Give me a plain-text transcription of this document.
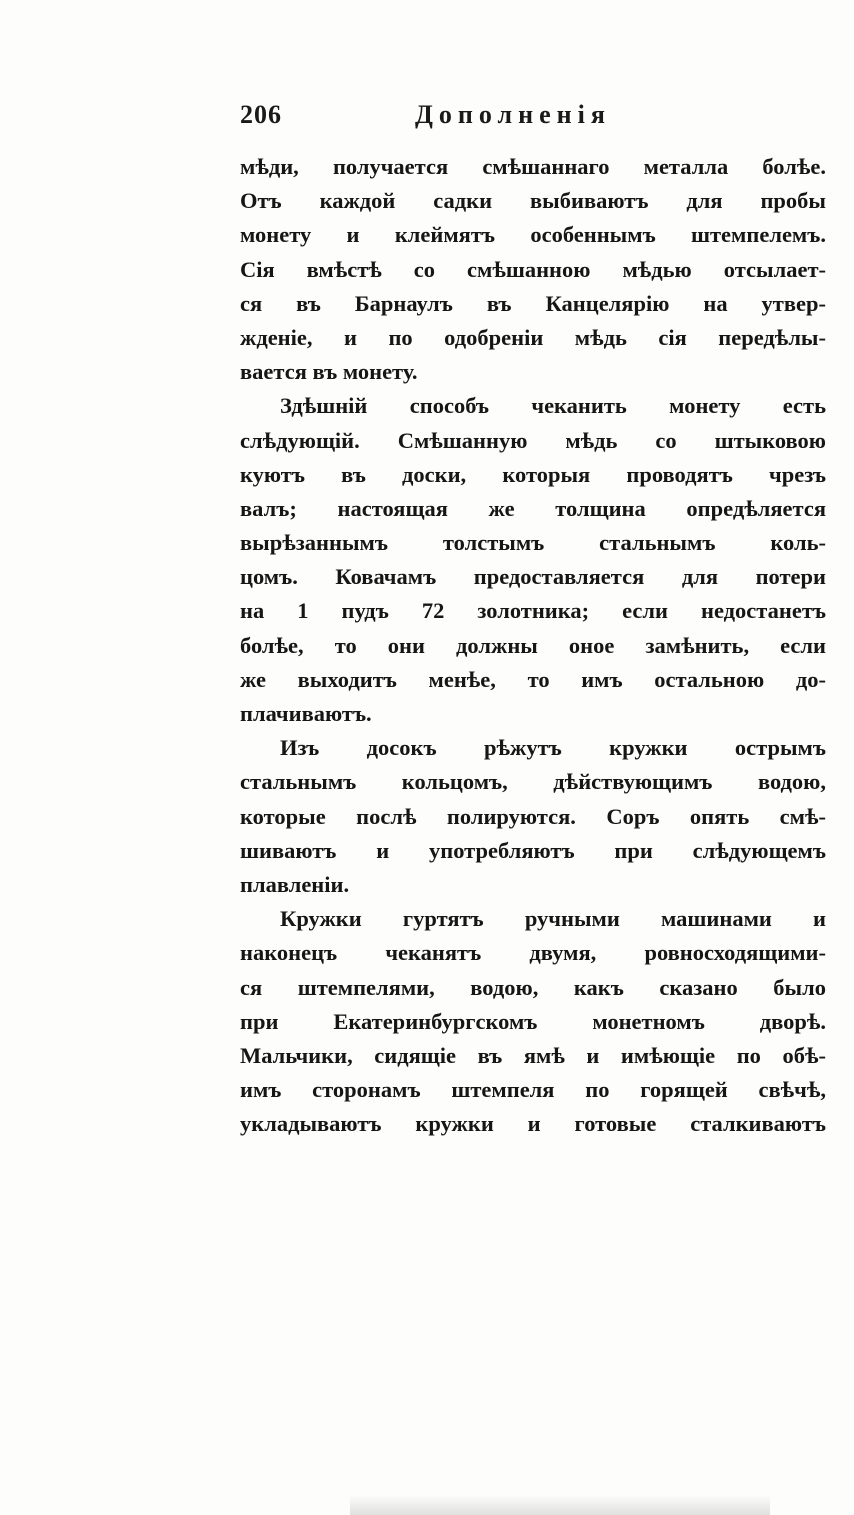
206	Дополненія
мѣди, получается смѣшаннаго металла болѣе.
Отъ каждой садки выбиваютъ для пробы
монету и клеймятъ особеннымъ штемпелемъ.
Сія вмѣстѣ со смѣшанною мѣдью отсылает-
ся въ Барнаулъ въ Канцелярію на утвер-
жденіе, и по одобреніи мѣдь сія передѣлы-
вается въ монету.
Здѣшній способъ чеканить монету есть
слѣдующій. Смѣшанную мѣдь со штыковою
куютъ въ доски, которыя проводятъ чрезъ
валъ; настоящая же толщина опредѣляется
вырѣзаннымъ толстымъ стальнымъ коль-
цомъ. Ковачамъ предоставляется для потери
на 1 пудъ 72 золотника; если недостанетъ
болѣе, то они должны оное замѣнить, если
же выходитъ менѣе, то имъ остальною до-
плачиваютъ.
Изъ досокъ рѣжутъ кружки острымъ
стальнымъ кольцомъ, дѣйствующимъ водою,
которые послѣ полируются. Соръ опять смѣ-
шиваютъ и употребляютъ при слѣдующемъ
плавленіи.
Кружки гуртятъ ручными машинами и
наконецъ чеканятъ двумя, ровносходящими-
ся штемпелями, водою, какъ сказано было
при Екатеринбургскомъ монетномъ дворѣ.
Мальчики, сидящіе въ ямѣ и имѣющіе по обѣ-
имъ сторонамъ штемпеля по горящей свѣчѣ,
укладываютъ кружки и готовые сталкиваютъ
